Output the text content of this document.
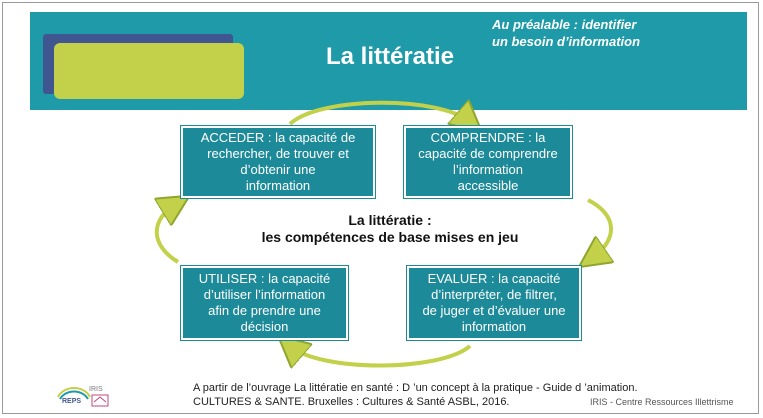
La littératie
Au préalable : identifier
un besoin d’information
ACCEDER : la capacité de
rechercher, de trouver et
d’obtenir une
information
COMPRENDRE : la
capacité de comprendre
l’information
accessible
UTILISER : la capacité
d’utiliser l’information
afin de prendre une
décision
EVALUER : la capacité
d’interpréter, de filtrer,
de juger et d’évaluer une
information
La littératie :
les compétences de base mises en jeu
REPS
IRIS	A partir de l’ouvrage La littératie en santé : D ’un concept à la pratique - Guide d ’animation.
CULTURES & SANTE. Bruxelles : Cultures & Santé ASBL, 2016.	IRIS - Centre Ressources Illettrisme
